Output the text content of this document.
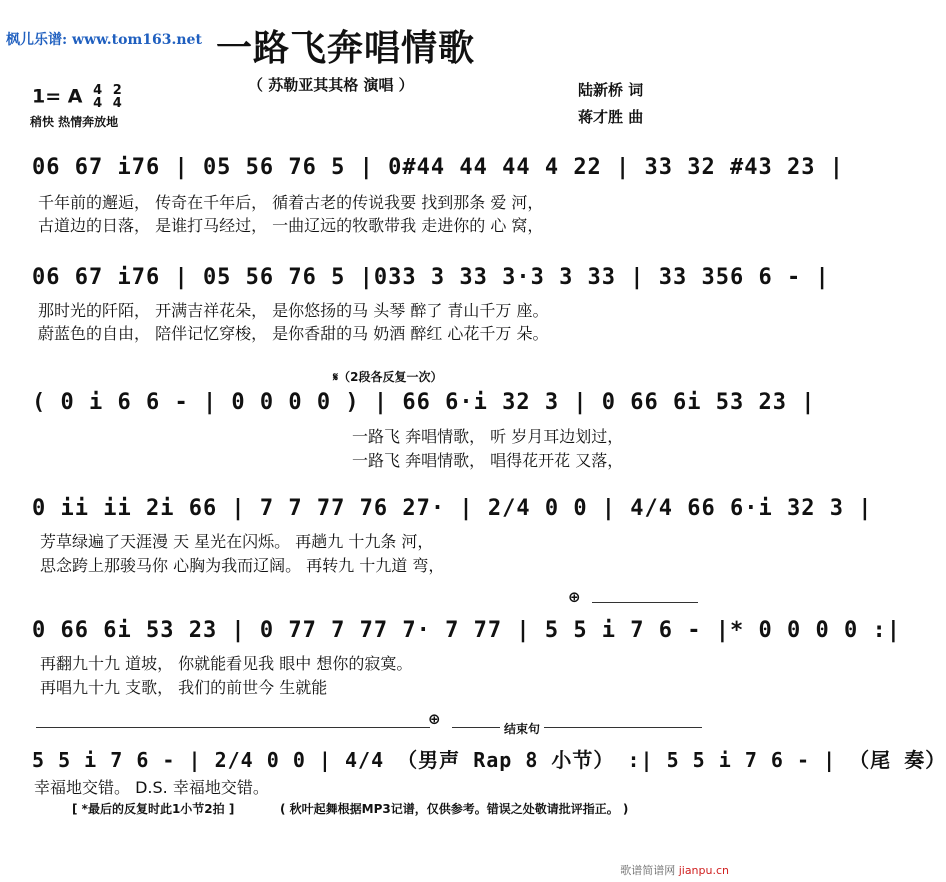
枫儿乐谱: www.tom163.net 一路飞奔唱情歌
（ 苏勒亚其其格 演唱 ）	陆新桥 词
蒋才胜 曲
1= A 4
4 2
4
稍快 热情奔放地
06 67 i76 | 05 56 76 5 | 0#44 44 44 4 22 | 33 32 #43 23 |
千年前的邂逅， 传奇在千年后， 循着古老的传说我要 找到那条 爱 河，
古道边的日落， 是谁打马经过， 一曲辽远的牧歌带我 走进你的 心 窝，
06 67 i76 | 05 56 76 5 |033 3 33 3·3 3 33 | 33 356 6 - |
那时光的阡陌， 开满吉祥花朵， 是你悠扬的马 头琴 醉了 青山千万 座。
蔚蓝色的自由， 陪伴记忆穿梭， 是你香甜的马 奶酒 醉红 心花千万 朵。
𝄋（2段各反复一次）
( 0 i 6 6 - | 0 0 0 0 ) | 66 6·i 32 3 | 0 66 6i 53 23 |
一路飞 奔唱情歌， 听 岁月耳边划过，
一路飞 奔唱情歌， 唱得花开花 又落，
0 ii ii 2i 66 | 7 7 77 76 27· | 2/4 0 0 | 4/4 66 6·i 32 3 |
芳草绿遍了天涯漫 天 星光在闪烁。 再趟九 十九条 河，
思念跨上那骏马你 心胸为我而辽阔。 再转九 十九道 弯，
⊕
0 66 6i 53 23 | 0 77 7 77 7· 7 77 | 5 5 i 7 6 - |* 0 0 0 0 :|
再翻九十九 道坡， 你就能看见我 眼中 想你的寂寞。
再唱九十九 支歌， 我们的前世今 生就能
⊕
结束句
5 5 i 7 6 - | 2/4 0 0 | 4/4 （男声 Rap 8 小节） :| 5 5 i 7 6 - | （尾 奏）
幸福地交错。 D.S. 幸福地交错。
[ *最后的反复时此1小节2拍 ]	( 秋叶起舞根据MP3记谱，仅供参考。错误之处敬请批评指正。 )
歌谱简谱网 jianpu.cn
